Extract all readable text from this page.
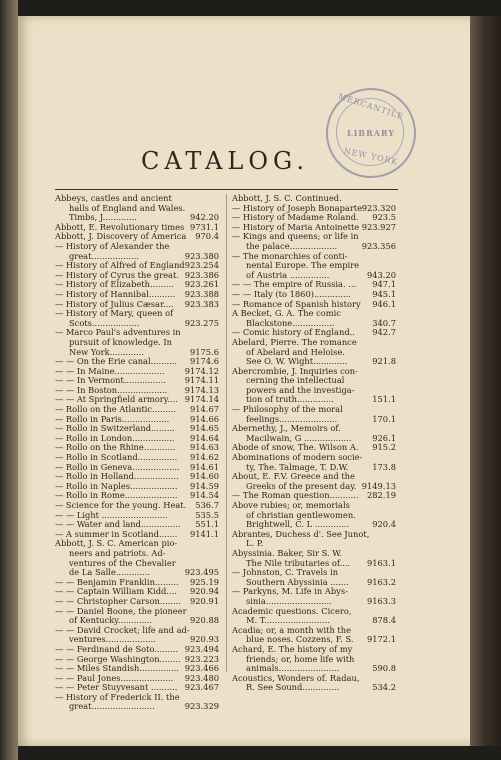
MERCANTILE
LIBRARY
NEW YORK
CATALOG.
Abbeys, castles and ancient
halls of England and Wales.
Timbs, J.............	942.20
Abbott, E. Revolutionary times 9731.1
Abbott, J. Discovery of America 970.4
— History of Alexander the
great..................	923.380
— History of Alfred of England 923.254
— History of Cyrus the great. 923.386
— History of Elizabeth......... 923.261
— History of Hannibal.......... 923.388
— History of Julius Cæsar.... 923.383
— History of Mary, queen of
Scots..................	923.275
— Marco Paul's adventures in
pursuit of knowledge. In
New York.............	9175.6
— — On the Erie canal.......... 9174.6
— — In Maine................... 9174.12
— — In Vermont................ 9174.11
— — In Boston................... 9174.13
— — At Springfield armory.... 9174.14
— Rollo on the Atlantic......... 914.67
— Rollo in Paris.................. 914.66
— Rollo in Switzerland......... 914.65
— Rollo in London................ 914.64
— Rollo on the Rhine............ 914.63
— Rollo in Scotland............... 914.62
— Rollo in Geneva.................. 914.61
— Rollo in Holland................. 914.60
— Rollo in Naples.................. 914.59
— Rollo in Rome.................... 914.54
— Science for the young. Heat. 536.7
— — Light .........................	535.5
— — Water and land............... 551.1
— A summer in Scotland....... 9141.1
Abbott, J. S. C. American pio-
neers and patriots. Ad-
ventures of the Chevalier
de La Salle.............	923.495
— — Benjamin Franklin......... 925.19
— — Captain William Kidd.... 920.94
— — Christopher Carson........ 920.91
— — Daniel Boone, the pioneer
of Kentucky.............	920.88
— — David Crocket; life and ad-
ventures...................	920.93
— — Ferdinand de Soto......... 923.494
— — George Washington........ 923.223
— — Miles Standish............... 923.466
— — Paul Jones.................... 923.480
— — Peter Stuyvesant .......... 923.467
— History of Frederick II. the
great........................	923.329
Abbott, J. S. C. Continued.
— History of Joseph Bonaparte 923.320
— History of Madame Roland. 923.5
— History of Maria Antoinette 923.927
— Kings and queens; or life in
the palace..................	923.356
— The monarchies of conti-
nental Europe. The empire
of Austria ...............	943.20
— — The empire of Russia. ... 947.1
— — Italy (to 1860)..............	945.1
— Romance of Spanish history 946.1
A Becket, G. A. The comic
Blackstone................	340.7
— Comic history of England.. 942.7
Abelard, Pierre. The romance
of Abelard and Heloise.
See O. W. Wight.............	921.8
Abercrombie, J. Inquiries con-
cerning the intellectual
powers and the investiga-
tion of truth..............	151.1
— Philosophy of the moral
feelings......................	170.1
Abernethy, J., Memoirs of.
Macilwain, G ..................	926.1
Abode of snow, The. Wilson A. 915.2
Abominations of modern socie-
ty, The. Talmage, T. D.W.	173.8
About, E. F.V. Greece and the
Greeks of the present day. 9149.13
— The Roman question........... 282.19
Above rubies; or, memorials
of christian gentlewomen.
Brightwell, C. L .............	920.4
Abrantes, Duchess d'. See Junot,
L. P.
Abyssinia. Baker, Sir S. W.
The Nile tributaries of.... 9163.1
— Johnston, C. Travels in
Southern Abyssinia ....... 9163.2
— Parkyns, M. Life in Abys-
sinia.........................	9163.3
Academic questions. Cicero,
M. T.........................	878.4
Acadia; or, a month with the
blue noses. Cozzens, F. S. 9172.1
Achard, E. The history of my
friends; or, home life with
animals.......................	590.8
Acoustics, Wonders of. Radau,
R. See Sound..............	534.2
